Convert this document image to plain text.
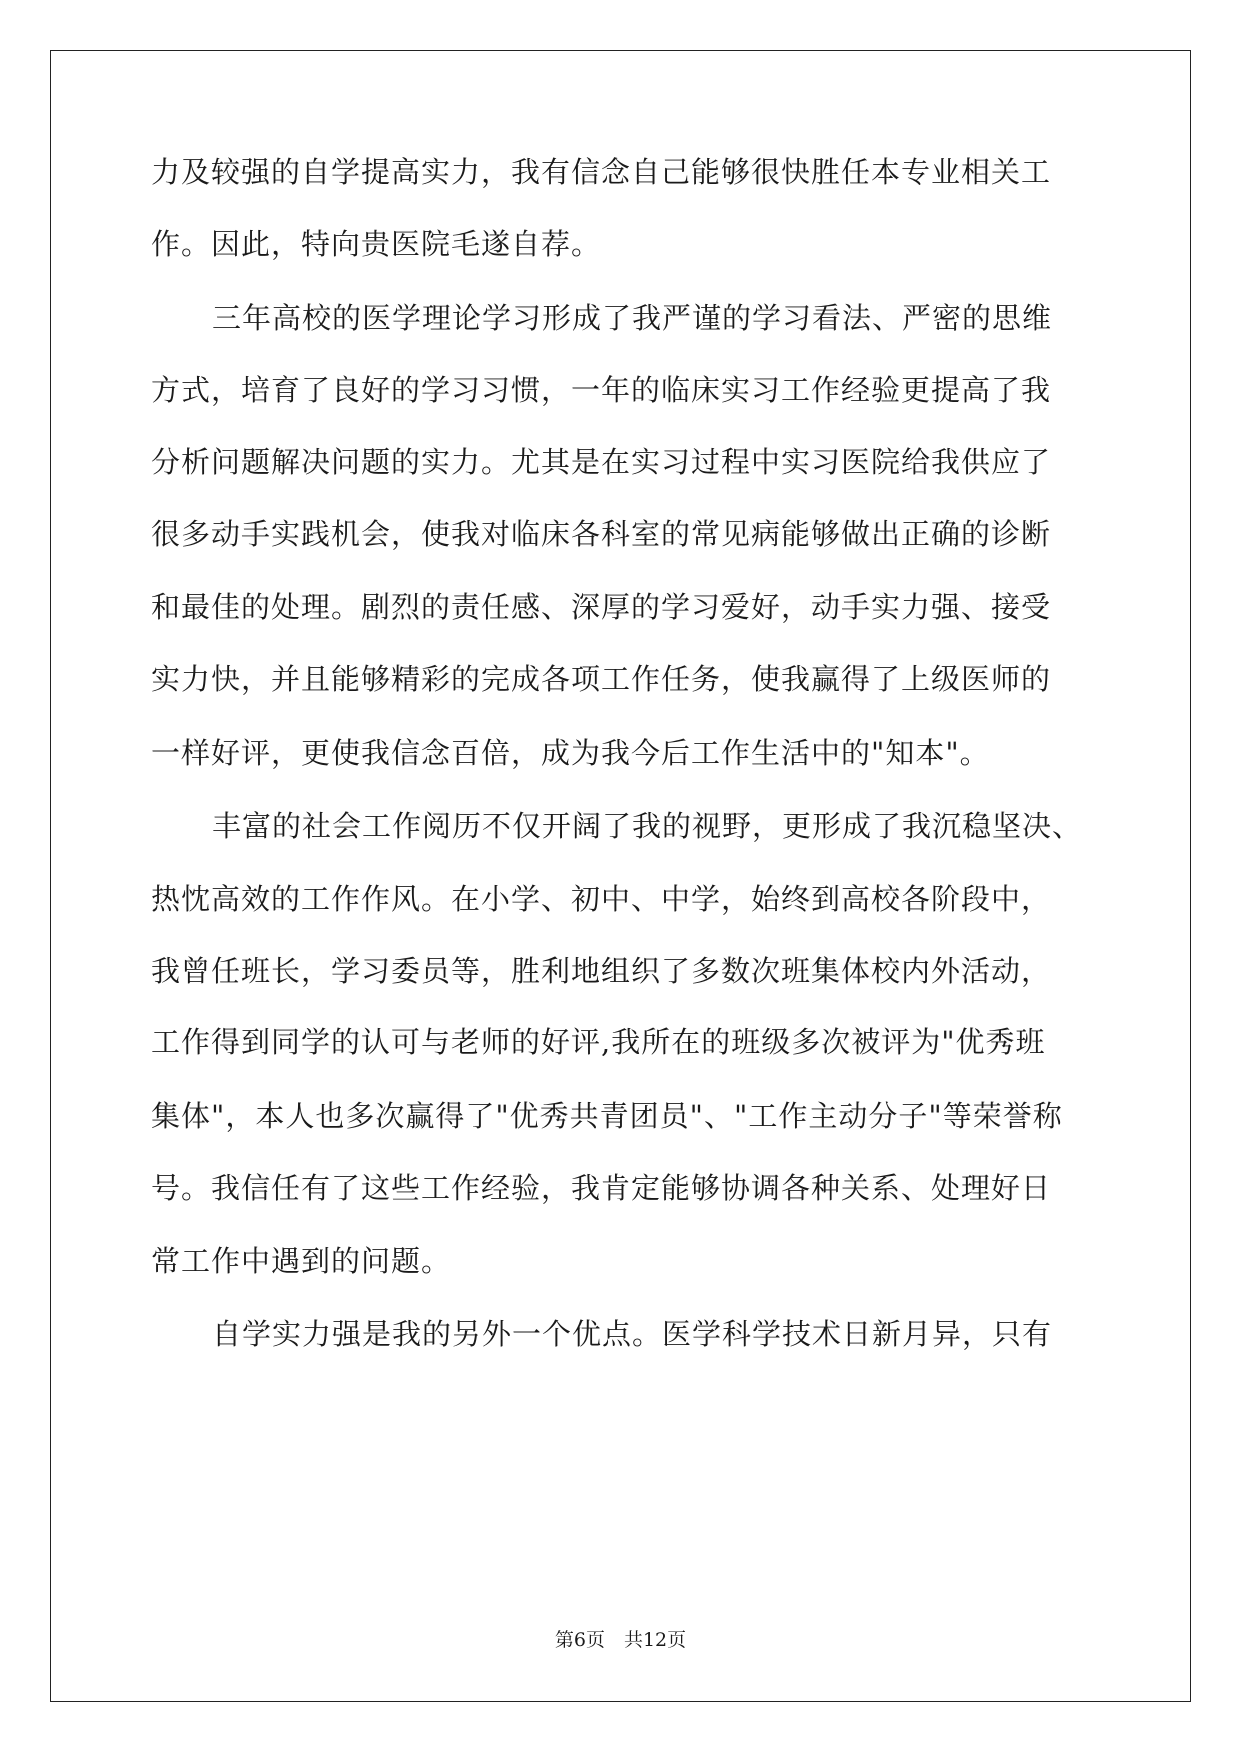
力及较强的自学提高实力，我有信念自己能够很快胜任本专业相关工
作。因此，特向贵医院毛遂自荐。
三年高校的医学理论学习形成了我严谨的学习看法、严密的思维
方式，培育了良好的学习习惯，一年的临床实习工作经验更提高了我
分析问题解决问题的实力。尤其是在实习过程中实习医院给我供应了
很多动手实践机会，使我对临床各科室的常见病能够做出正确的诊断
和最佳的处理。剧烈的责任感、深厚的学习爱好，动手实力强、接受
实力快，并且能够精彩的完成各项工作任务，使我赢得了上级医师的
一样好评，更使我信念百倍，成为我今后工作生活中的"知本"。
丰富的社会工作阅历不仅开阔了我的视野，更形成了我沉稳坚决、
热忱高效的工作作风。在小学、初中、中学，始终到高校各阶段中，
我曾任班长，学习委员等，胜利地组织了多数次班集体校内外活动，
工作得到同学的认可与老师的好评,我所在的班级多次被评为"优秀班
集体"，本人也多次赢得了"优秀共青团员"、"工作主动分子"等荣誉称
号。我信任有了这些工作经验，我肯定能够协调各种关系、处理好日
常工作中遇到的问题。
自学实力强是我的另外一个优点。医学科学技术日新月异，只有
第6页　共12页
